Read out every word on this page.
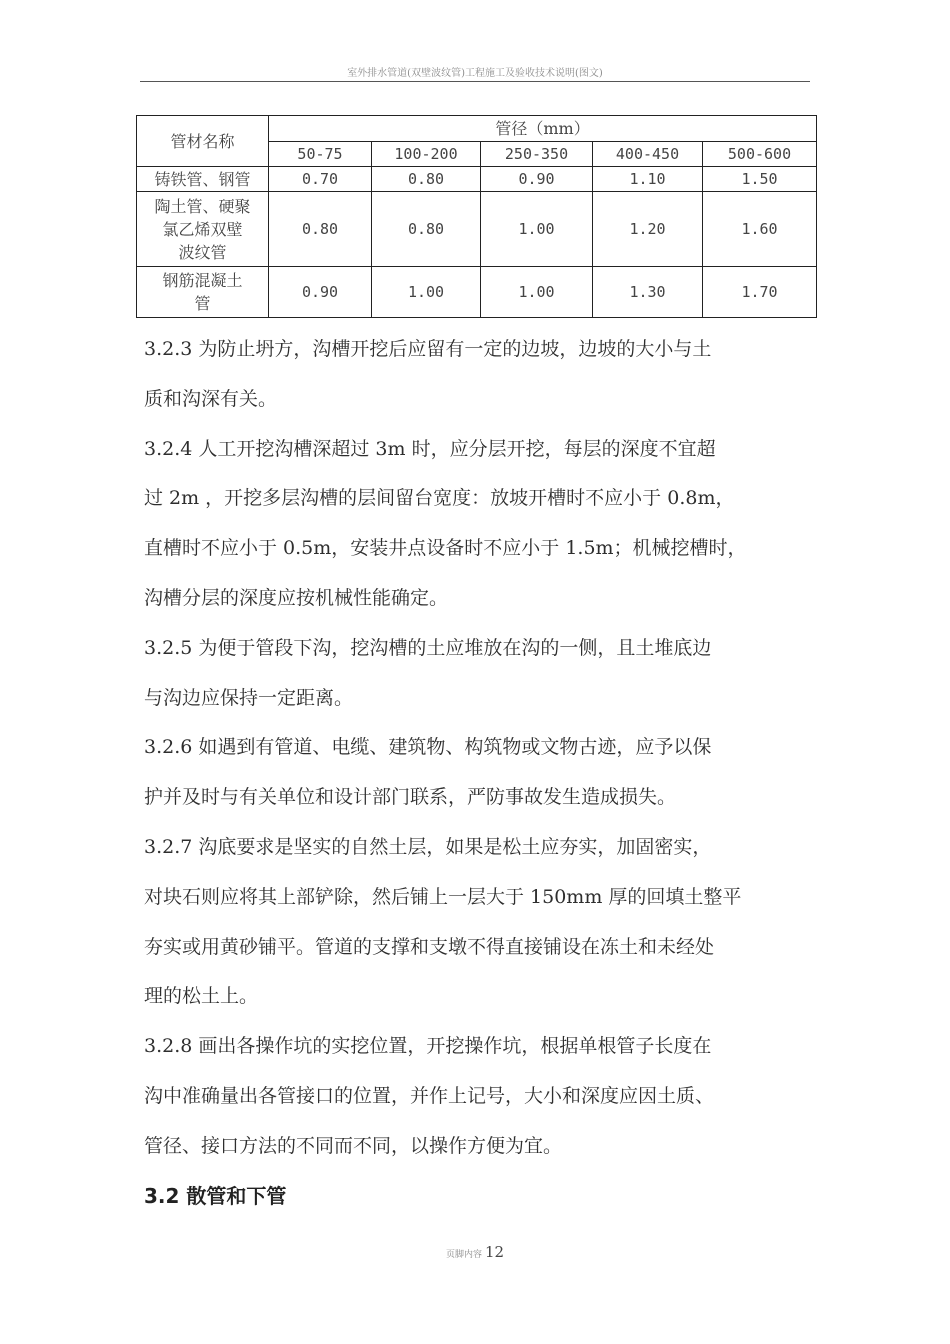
室外排水管道(双壁波纹管)工程施工及验收技术说明(图文)
管材名称	管径（mm）				
	50-75	100-200	250-350	400-450	500-600
铸铁管、钢管	0.70	0.80	0.90	1.10	1.50

陶土管、硬聚
氯乙烯双壁
波纹管	0.80	0.80	1.00	1.20	1.60

钢筋混凝土
管	0.90	1.00	1.00	1.30	1.70

3.2.3 为防止坍方，沟槽开挖后应留有一定的边坡，边坡的大小与土
质和沟深有关。

3.2.4 人工开挖沟槽深超过 3m 时，应分层开挖，每层的深度不宜超
过 2m ，开挖多层沟槽的层间留台宽度：放坡开槽时不应小于 0.8m，
直槽时不应小于 0.5m，安装井点设备时不应小于 1.5m；机械挖槽时，
沟槽分层的深度应按机械性能确定。

3.2.5 为便于管段下沟，挖沟槽的土应堆放在沟的一侧，且土堆底边
与沟边应保持一定距离。

3.2.6 如遇到有管道、电缆、建筑物、构筑物或文物古迹，应予以保
护并及时与有关单位和设计部门联系，严防事故发生造成损失。

3.2.7 沟底要求是坚实的自然土层，如果是松土应夯实，加固密实，
对块石则应将其上部铲除，然后铺上一层大于 150mm 厚的回填土整平
夯实或用黄砂铺平。管道的支撑和支墩不得直接铺设在冻土和未经处
理的松土上。

3.2.8 画出各操作坑的实挖位置，开挖操作坑，根据单根管子长度在
沟中准确量出各管接口的位置，并作上记号，大小和深度应因土质、
管径、接口方法的不同而不同，以操作方便为宜。

3.2 散管和下管

页脚内容 12
